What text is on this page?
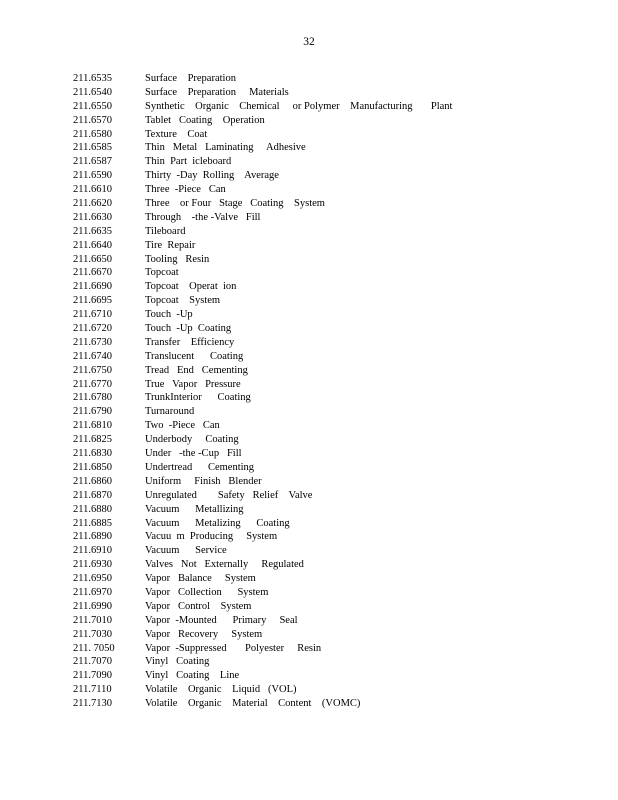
32
211.6535	Surface    Preparation
211.6540	Surface    Preparation     Materials
211.6550	Synthetic    Organic    Chemical     or Polymer    Manufacturing       Plant
211.6570	Tablet   Coating    Operation
211.6580	Texture    Coat
211.6585	Thin   Metal   Laminating     Adhesive
211.6587	Thin  Part  icleboard
211.6590	Thirty  -Day  Rolling    Average
211.6610	Three  -Piece   Can
211.6620	Three    or Four   Stage   Coating    System
211.6630	Through    -the -Valve   Fill
211.6635	Tileboard
211.6640	Tire  Repair
211.6650	Tooling   Resin
211.6670	Topcoat
211.6690	Topcoat    Operat  ion
211.6695	Topcoat    System
211.6710	Touch  -Up
211.6720	Touch  -Up  Coating
211.6730	Transfer    Efficiency
211.6740	Translucent      Coating
211.6750	Tread   End   Cementing
211.6770	True   Vapor   Pressure
211.6780	TrunkInterior      Coating
211.6790	Turnaround
211.6810	Two  -Piece   Can
211.6825	Underbody     Coating
211.6830	Under   -the -Cup   Fill
211.6850	Undertread      Cementing
211.6860	Uniform     Finish   Blender
211.6870	Unregulated        Safety   Relief    Valve
211.6880	Vacuum      Metallizing
211.6885	Vacuum      Metalizing      Coating
211.6890	Vacuu  m  Producing     System
211.6910	Vacuum      Service
211.6930	Valves   Not   Externally     Regulated
211.6950	Vapor   Balance     System
211.6970	Vapor   Collection      System
211.6990	Vapor   Control    System
211.7010	Vapor  -Mounted      Primary     Seal
211.7030	Vapor   Recovery     System
211. 7050	Vapor  -Suppressed       Polyester     Resin
211.7070	Vinyl   Coating
211.7090	Vinyl   Coating    Line
211.7110	Volatile    Organic    Liquid   (VOL)
211.7130	Volatile    Organic    Material    Content    (VOMC)
